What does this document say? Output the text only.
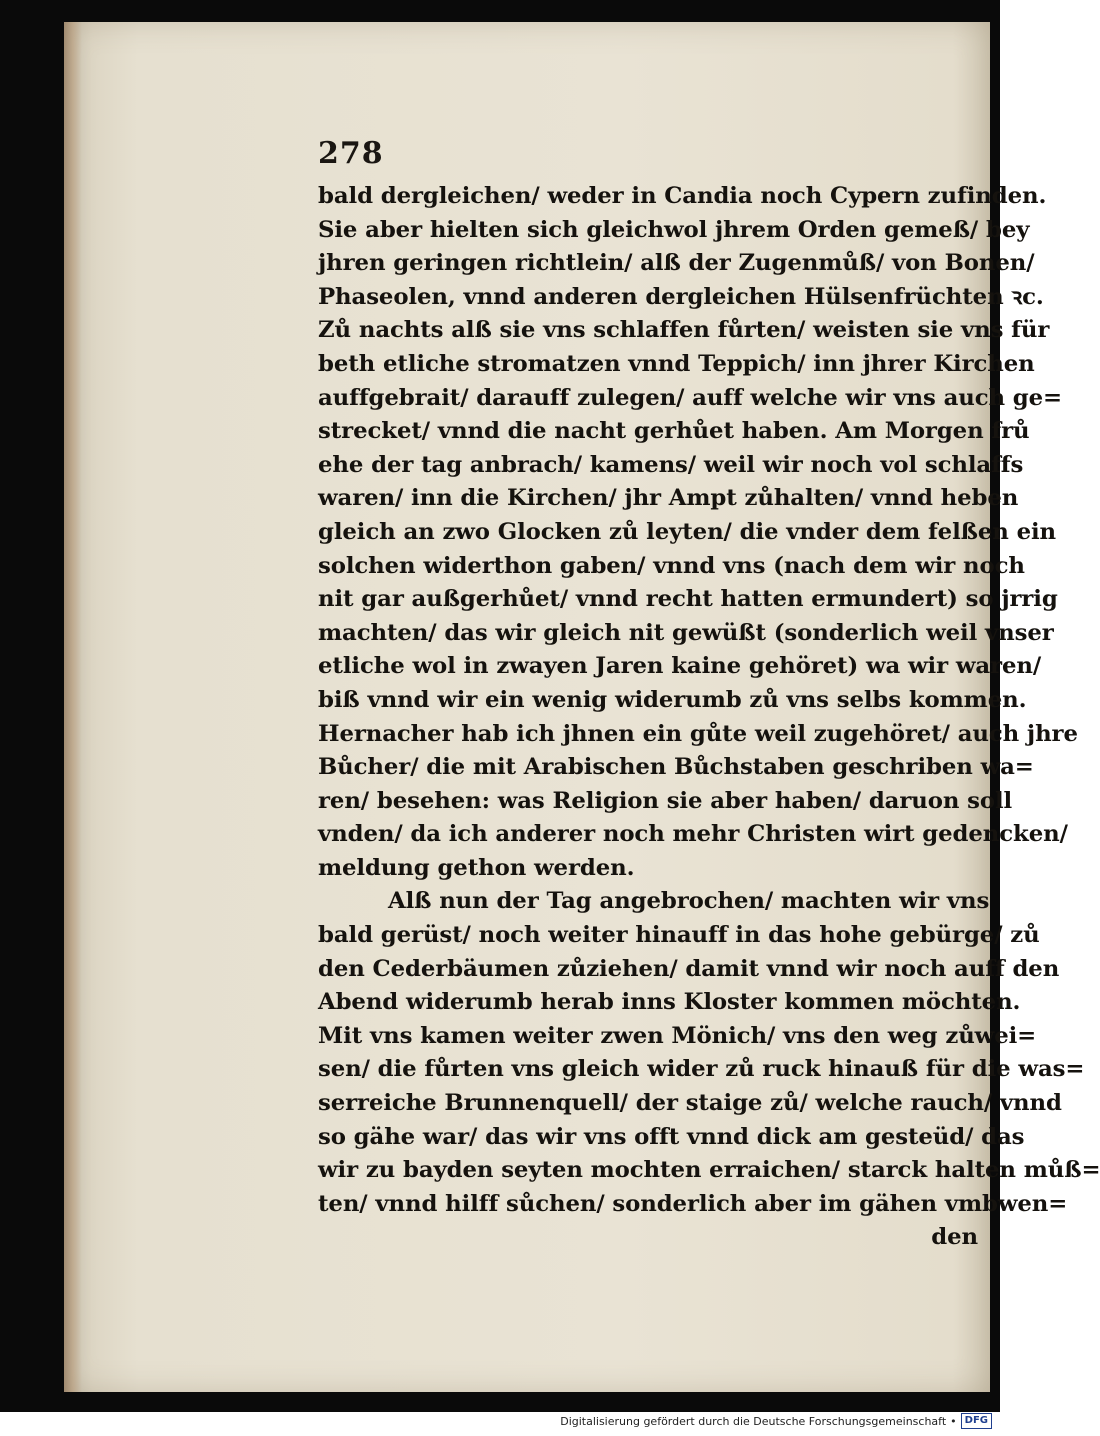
278
bald dergleichen/ weder in Candia noch Cypern zufinden.
Sie aber hielten sich gleichwol jhrem Orden gemeß/ bey
jhren geringen richtlein/ alß der Zugenmůß/ von Bonen/
Phaseolen, vnnd anderen dergleichen Hülsenfrüchten ꝛc.
Zů nachts alß sie vns schlaffen fůrten/ weisten sie vns für
beth etliche stromatzen vnnd Teppich/ inn jhrer Kirchen
auffgebrait/ darauff zulegen/ auff welche wir vns auch ge=
strecket/ vnnd die nacht gerhůet haben. Am Morgen frů
ehe der tag anbrach/ kamens/ weil wir noch vol schlaffs
waren/ inn die Kirchen/ jhr Ampt zůhalten/ vnnd heben
gleich an zwo Glocken zů leyten/ die vnder dem felßen ein
solchen widerthon gaben/ vnnd vns (nach dem wir noch
nit gar außgerhůet/ vnnd recht hatten ermundert) so jrrig
machten/ das wir gleich nit gewüßt (sonderlich weil vnser
etliche wol in zwayen Jaren kaine gehöret) wa wir waren/
biß vnnd wir ein wenig widerumb zů vns selbs kommen.
Hernacher hab ich jhnen ein gůte weil zugehöret/ auch jhre
Bůcher/ die mit Arabischen Bůchstaben geschriben wa=
ren/ besehen: was Religion sie aber haben/ daruon soll
vnden/ da ich anderer noch mehr Christen wirt gedencken/
meldung gethon werden.
Alß nun der Tag angebrochen/ machten wir vns
bald gerüst/ noch weiter hinauff in das hohe gebürge/ zů
den Cederbäumen zůziehen/ damit vnnd wir noch auff den
Abend widerumb herab inns Kloster kommen möchten.
Mit vns kamen weiter zwen Mönich/ vns den weg zůwei=
sen/ die fůrten vns gleich wider zů ruck hinauß für die was=
serreiche Brunnenquell/ der staige zů/ welche rauch/ vnnd
so gähe war/ das wir vns offt vnnd dick am gesteüd/ das
wir zu bayden seyten mochten erraichen/ starck halten můß=
ten/ vnnd hilff sůchen/ sonderlich aber im gähen vmbwen=
den
Digitalisierung gefördert durch die Deutsche Forschungsgemeinschaft • DFG
